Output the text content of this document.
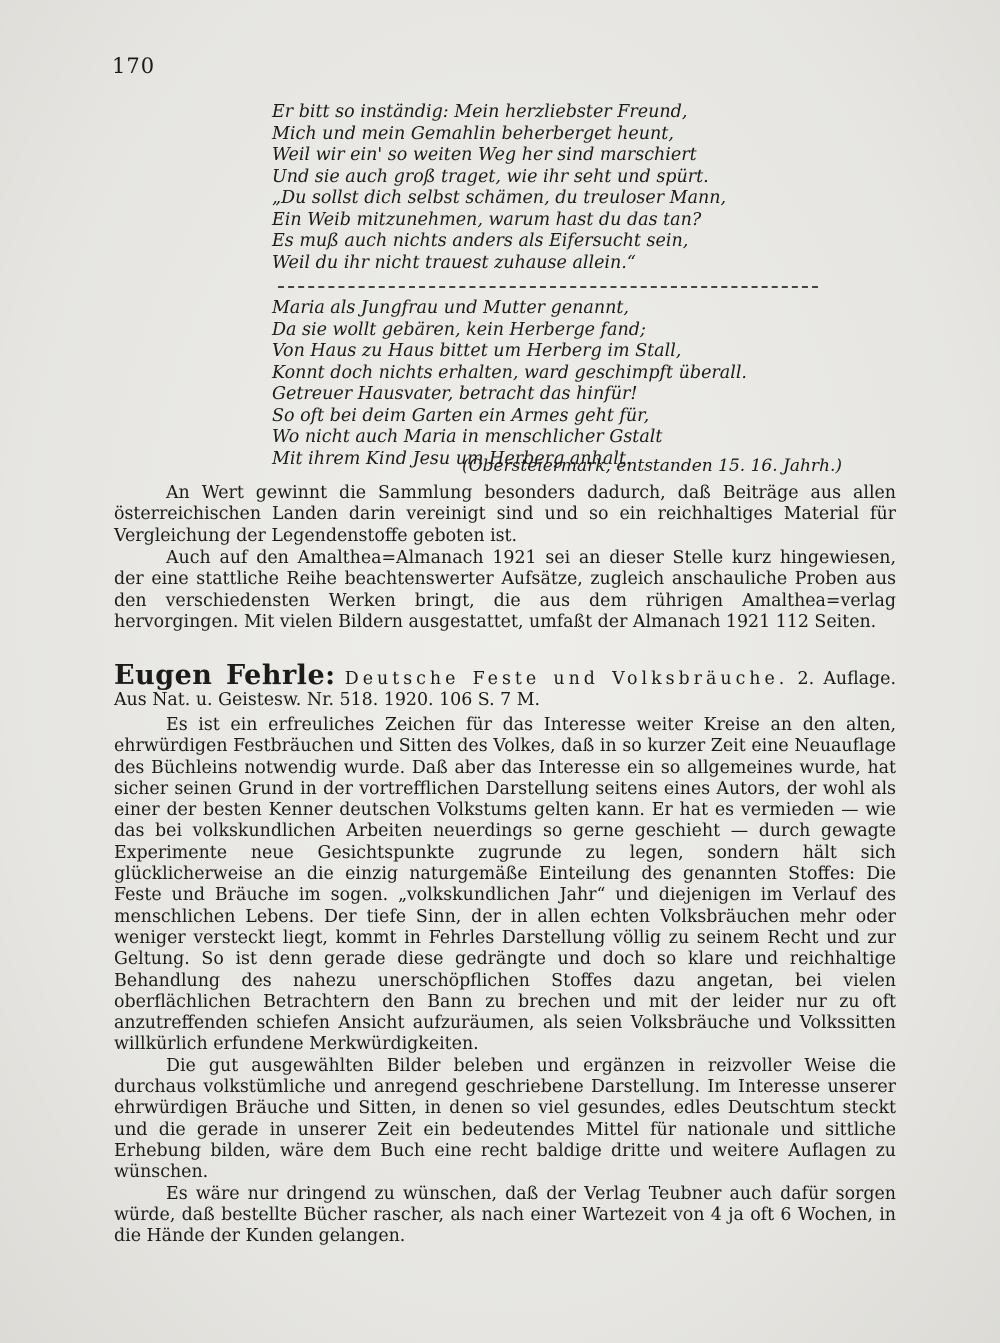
170
Er bitt so inständig: Mein herzliebster Freund,
Mich und mein Gemahlin beherberget heunt,
Weil wir ein' so weiten Weg her sind marschiert
Und sie auch groß traget, wie ihr seht und spürt.
„Du sollst dich selbst schämen, du treuloser Mann,
Ein Weib mitzunehmen, warum hast du das tan?
Es muß auch nichts anders als Eifersucht sein,
Weil du ihr nicht trauest zuhause allein.“
Maria als Jungfrau und Mutter genannt,
Da sie wollt gebären, kein Herberge fand;
Von Haus zu Haus bittet um Herberg im Stall,
Konnt doch nichts erhalten, ward geschimpft überall.
Getreuer Hausvater, betracht das hinfür!
So oft bei deim Garten ein Armes geht für,
Wo nicht auch Maria in menschlicher Gstalt
Mit ihrem Kind Jesu um Herberg anhalt.
(Obersteiermark, entstanden 15. 16. Jahrh.)

An Wert gewinnt die Sammlung besonders dadurch, daß Beiträge aus allen österreichischen Landen darin vereinigt sind und so ein reichhaltiges Material für Vergleichung der Legendenstoffe geboten ist.

Auch auf den Amalthea=Almanach 1921 sei an dieser Stelle kurz hingewiesen, der eine stattliche Reihe beachtenswerter Aufsätze, zugleich anschauliche Proben aus den verschiedensten Werken bringt, die aus dem rührigen Amalthea=verlag hervorgingen. Mit vielen Bildern ausgestattet, umfaßt der Almanach 1921 112 Seiten.

Eugen Fehrle: Deutsche Feste und Volksbräuche. 2. Auflage. Aus Nat. u. Geistesw. Nr. 518. 1920. 106 S. 7 M.

Es ist ein erfreuliches Zeichen für das Interesse weiter Kreise an den alten, ehrwürdigen Festbräuchen und Sitten des Volkes, daß in so kurzer Zeit eine Neuauflage des Büchleins notwendig wurde. Daß aber das Interesse ein so allgemeines wurde, hat sicher seinen Grund in der vortrefflichen Darstellung seitens eines Autors, der wohl als einer der besten Kenner deutschen Volkstums gelten kann. Er hat es vermieden — wie das bei volkskundlichen Arbeiten neuerdings so gerne geschieht — durch gewagte Experimente neue Gesichtspunkte zugrunde zu legen, sondern hält sich glücklicherweise an die einzig naturgemäße Einteilung des genannten Stoffes: Die Feste und Bräuche im sogen. „volkskundlichen Jahr“ und diejenigen im Verlauf des menschlichen Lebens. Der tiefe Sinn, der in allen echten Volksbräuchen mehr oder weniger versteckt liegt, kommt in Fehrles Darstellung völlig zu seinem Recht und zur Geltung. So ist denn gerade diese gedrängte und doch so klare und reichhaltige Behandlung des nahezu unerschöpflichen Stoffes dazu angetan, bei vielen oberflächlichen Betrachtern den Bann zu brechen und mit der leider nur zu oft anzutreffenden schiefen Ansicht aufzuräumen, als seien Volksbräuche und Volkssitten willkürlich erfundene Merkwürdigkeiten.

Die gut ausgewählten Bilder beleben und ergänzen in reizvoller Weise die durchaus volkstümliche und anregend geschriebene Darstellung. Im Interesse unserer ehrwürdigen Bräuche und Sitten, in denen so viel gesundes, edles Deutschtum steckt und die gerade in unserer Zeit ein bedeutendes Mittel für nationale und sittliche Erhebung bilden, wäre dem Buch eine recht baldige dritte und weitere Auflagen zu wünschen.

Es wäre nur dringend zu wünschen, daß der Verlag Teubner auch dafür sorgen würde, daß bestellte Bücher rascher, als nach einer Wartezeit von 4 ja oft 6 Wochen, in die Hände der Kunden gelangen.
